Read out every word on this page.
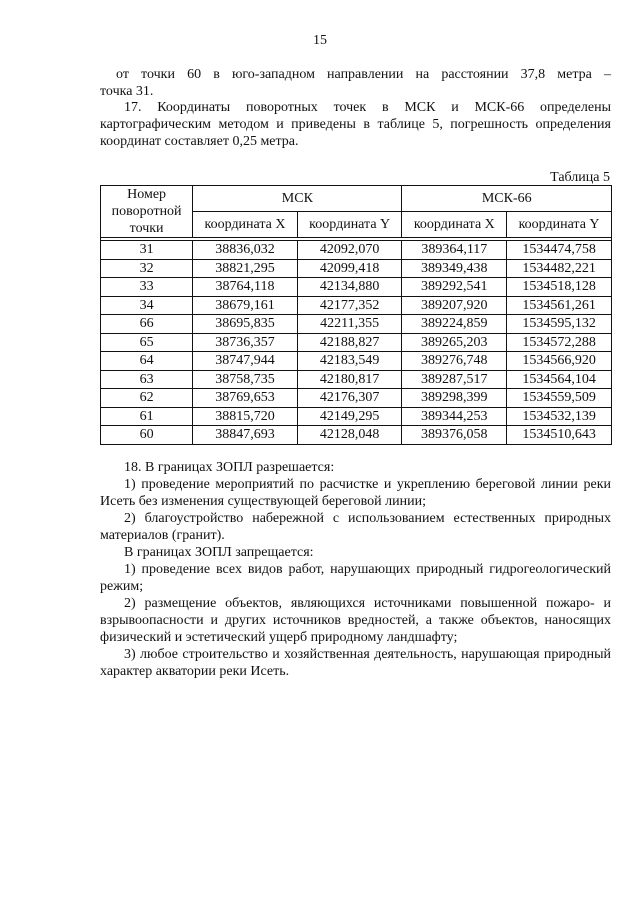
15

от точки 60 в юго-западном направлении на расстоянии 37,8 метра –

точка 31.

17. Координаты поворотных точек в МСК и МСК-66 определены картографическим методом и приведены в таблице 5, погрешность определения координат составляет 0,25 метра.

Таблица 5
Номер
поворотной
точки	МСК		МСК-66	
	координата X	координата Y	координата X	координата Y

31	38836,032	42092,070	389364,117	1534474,758
32	38821,295	42099,418	389349,438	1534482,221
33	38764,118	42134,880	389292,541	1534518,128
34	38679,161	42177,352	389207,920	1534561,261
66	38695,835	42211,355	389224,859	1534595,132
65	38736,357	42188,827	389265,203	1534572,288
64	38747,944	42183,549	389276,748	1534566,920
63	38758,735	42180,817	389287,517	1534564,104
62	38769,653	42176,307	389298,399	1534559,509
61	38815,720	42149,295	389344,253	1534532,139
60	38847,693	42128,048	389376,058	1534510,643

18. В границах ЗОПЛ разрешается:

1) проведение мероприятий по расчистке и укреплению береговой линии реки Исеть без изменения существующей береговой линии;

2) благоустройство набережной с использованием естественных природных материалов (гранит).

В границах ЗОПЛ запрещается:

1) проведение всех видов работ, нарушающих природный гидрогеологический режим;

2) размещение объектов, являющихся источниками повышенной пожаро- и взрывоопасности и других источников вредностей, а также объектов, наносящих физический и эстетический ущерб природному ландшафту;

3) любое строительство и хозяйственная деятельность, нарушающая природный характер акватории реки Исеть.
